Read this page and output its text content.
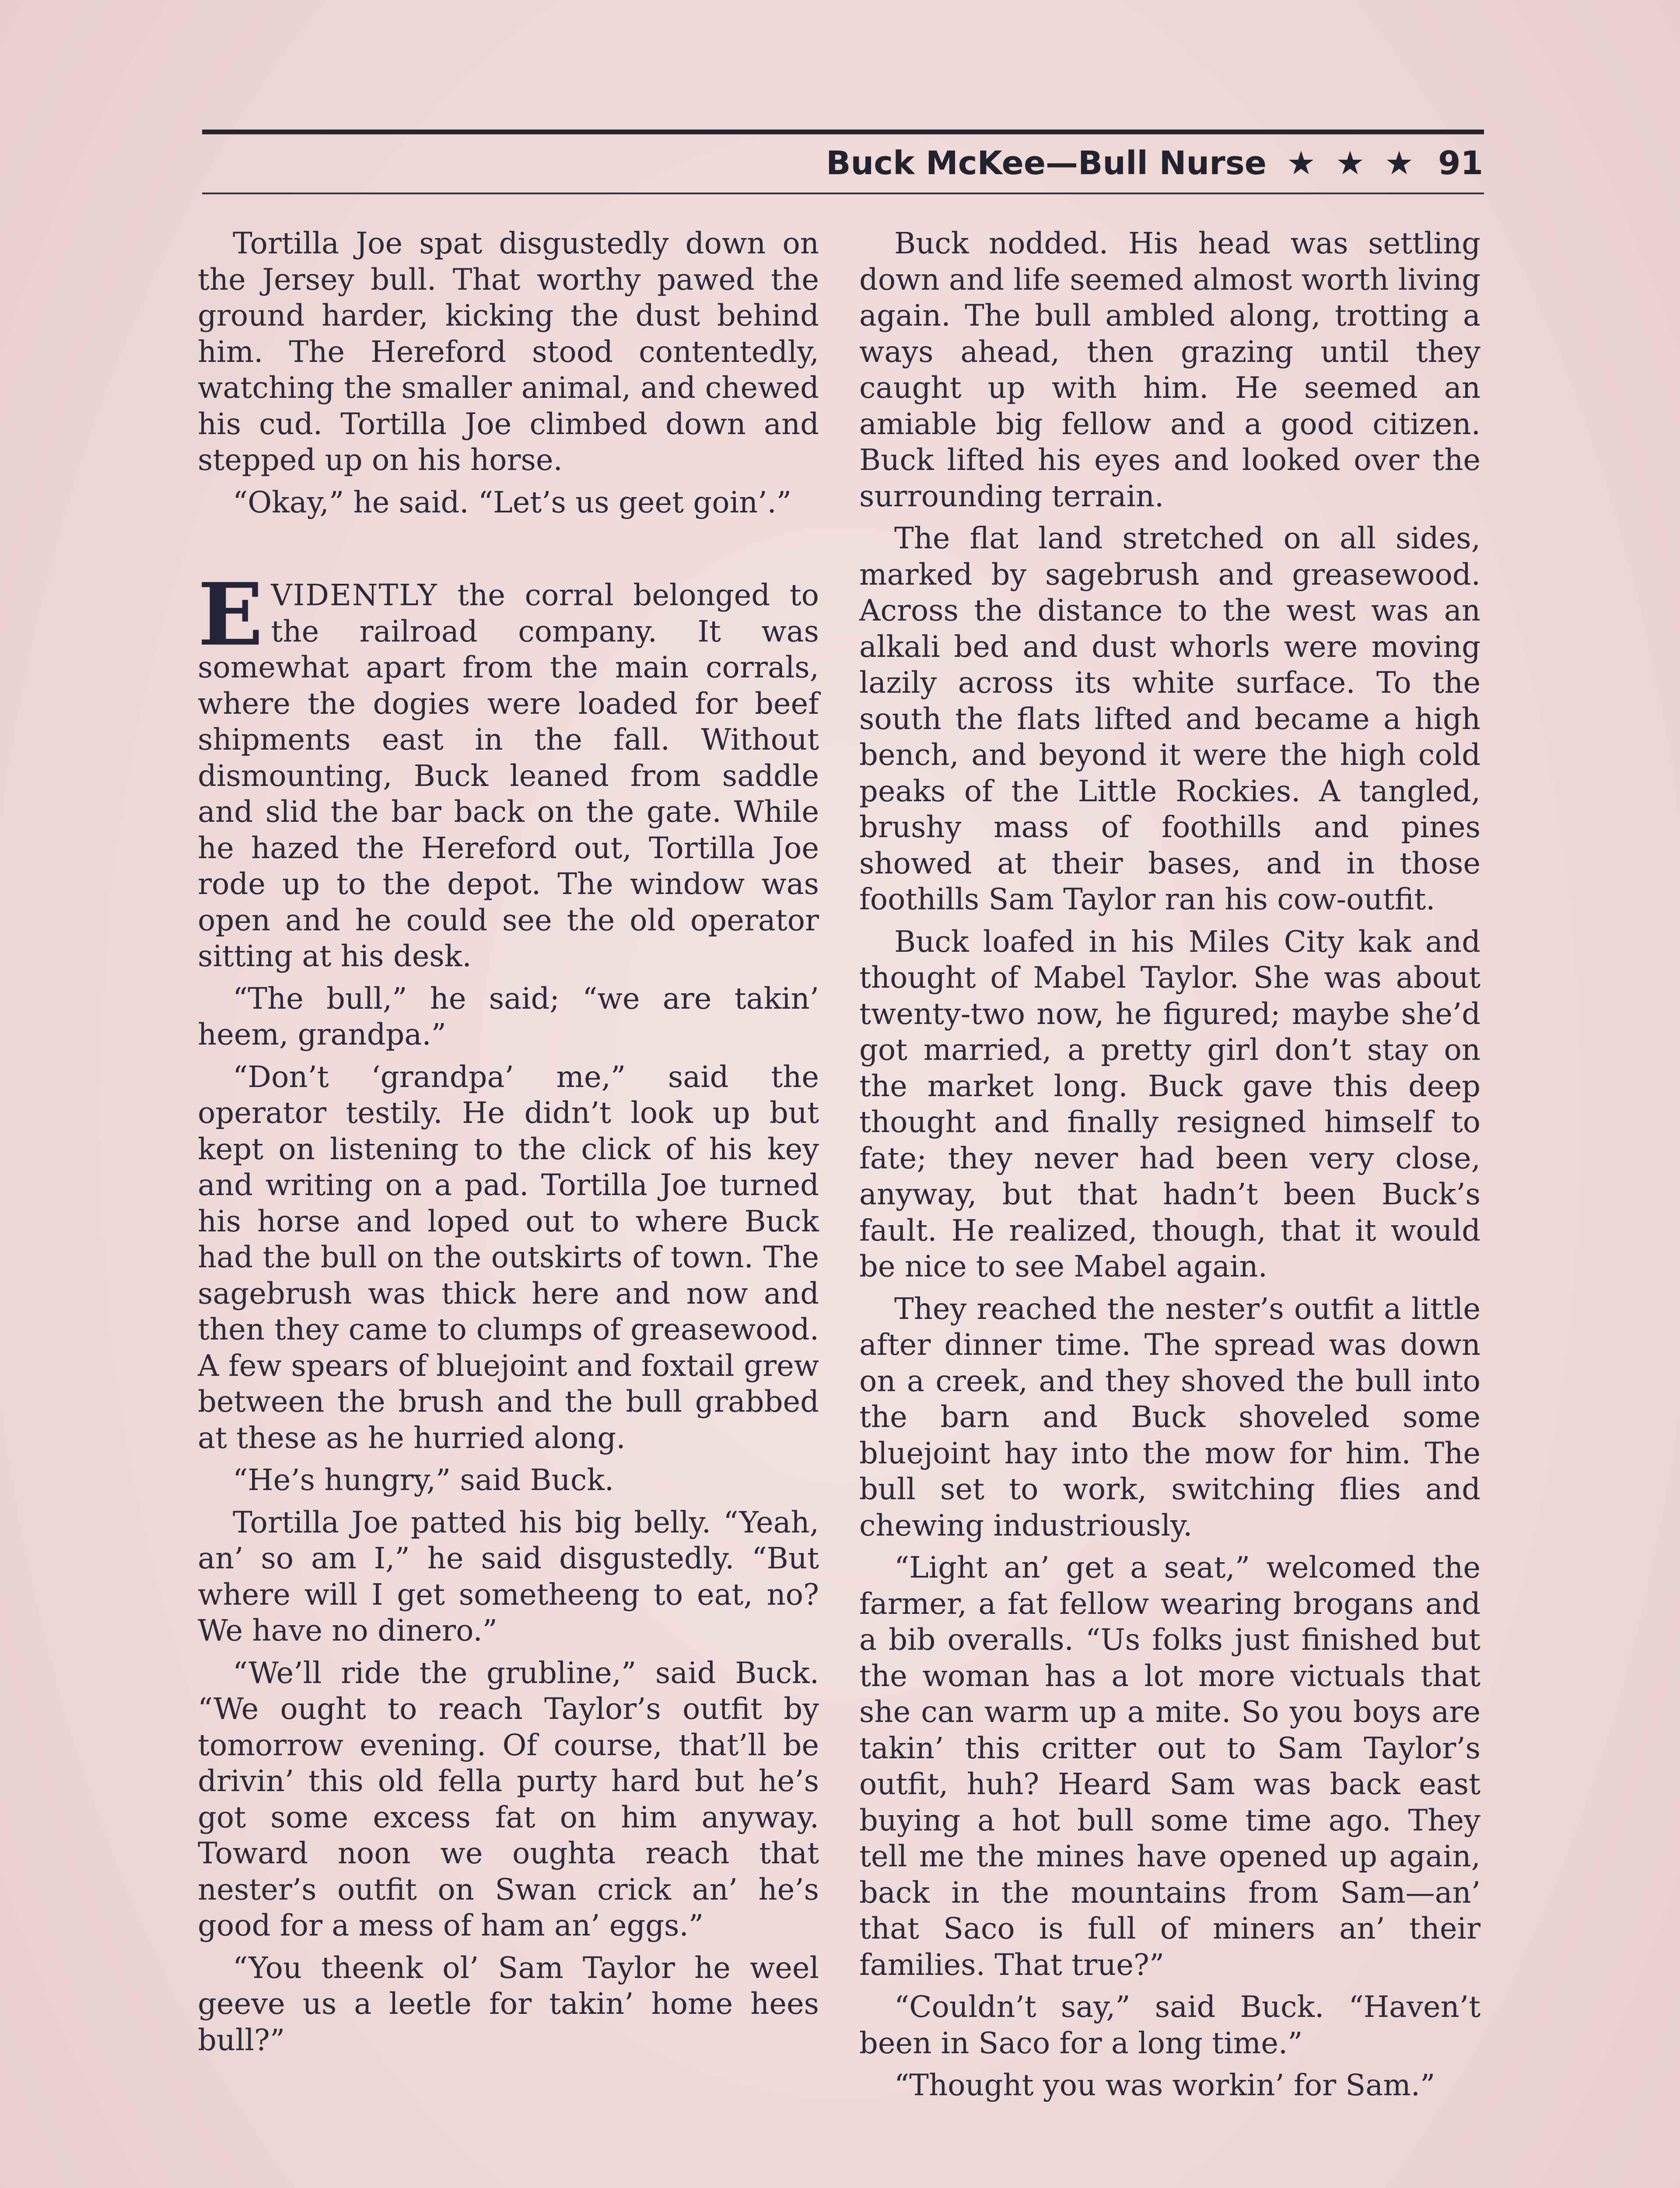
Buck McKee—Bull Nurse ★ ★ ★ 91

Tortilla Joe spat disgustedly down on the Jersey bull. That worthy pawed the ground harder, kicking the dust behind him. The Hereford stood contentedly, watching the smaller animal, and chewed his cud. Tortilla Joe climbed down and stepped up on his horse.

“Okay,” he said. “Let’s us geet goin’.”

EVIDENTLY the corral belonged to the railroad company. It was somewhat apart from the main corrals, where the dogies were loaded for beef shipments east in the fall. Without dismounting, Buck leaned from saddle and slid the bar back on the gate. While he hazed the Hereford out, Tortilla Joe rode up to the depot. The window was open and he could see the old operator sitting at his desk.

“The bull,” he said; “we are takin’ heem, grandpa.”

“Don’t ‘grandpa’ me,” said the operator testily. He didn’t look up but kept on listening to the click of his key and writing on a pad. Tortilla Joe turned his horse and loped out to where Buck had the bull on the outskirts of town. The sagebrush was thick here and now and then they came to clumps of greasewood. A few spears of bluejoint and foxtail grew between the brush and the bull grabbed at these as he hurried along.

“He’s hungry,” said Buck.

Tortilla Joe patted his big belly. “Yeah, an’ so am I,” he said disgustedly. “But where will I get sometheeng to eat, no? We have no dinero.”

“We’ll ride the grubline,” said Buck. “We ought to reach Taylor’s outfit by tomorrow evening. Of course, that’ll be drivin’ this old fella purty hard but he’s got some excess fat on him anyway. Toward noon we oughta reach that nester’s outfit on Swan crick an’ he’s good for a mess of ham an’ eggs.”

“You theenk ol’ Sam Taylor he weel geeve us a leetle for takin’ home hees bull?”

Buck nodded. His head was settling down and life seemed almost worth living again. The bull ambled along, trotting a ways ahead, then grazing until they caught up with him. He seemed an amiable big fellow and a good citizen. Buck lifted his eyes and looked over the surrounding terrain.

The flat land stretched on all sides, marked by sagebrush and greasewood. Across the distance to the west was an alkali bed and dust whorls were moving lazily across its white surface. To the south the flats lifted and became a high bench, and beyond it were the high cold peaks of the Little Rockies. A tangled, brushy mass of foothills and pines showed at their bases, and in those foothills Sam Taylor ran his cow-outfit.

Buck loafed in his Miles City kak and thought of Mabel Taylor. She was about twenty-two now, he figured; maybe she’d got married, a pretty girl don’t stay on the market long. Buck gave this deep thought and finally resigned himself to fate; they never had been very close, anyway, but that hadn’t been Buck’s fault. He realized, though, that it would be nice to see Mabel again.

They reached the nester’s outfit a little after dinner time. The spread was down on a creek, and they shoved the bull into the barn and Buck shoveled some bluejoint hay into the mow for him. The bull set to work, switching flies and chewing industriously.

“Light an’ get a seat,” welcomed the farmer, a fat fellow wearing brogans and a bib overalls. “Us folks just finished but the woman has a lot more victuals that she can warm up a mite. So you boys are takin’ this critter out to Sam Taylor’s outfit, huh? Heard Sam was back east buying a hot bull some time ago. They tell me the mines have opened up again, back in the mountains from Sam—an’ that Saco is full of miners an’ their families. That true?”

“Couldn’t say,” said Buck. “Haven’t been in Saco for a long time.”

“Thought you was workin’ for Sam.”
